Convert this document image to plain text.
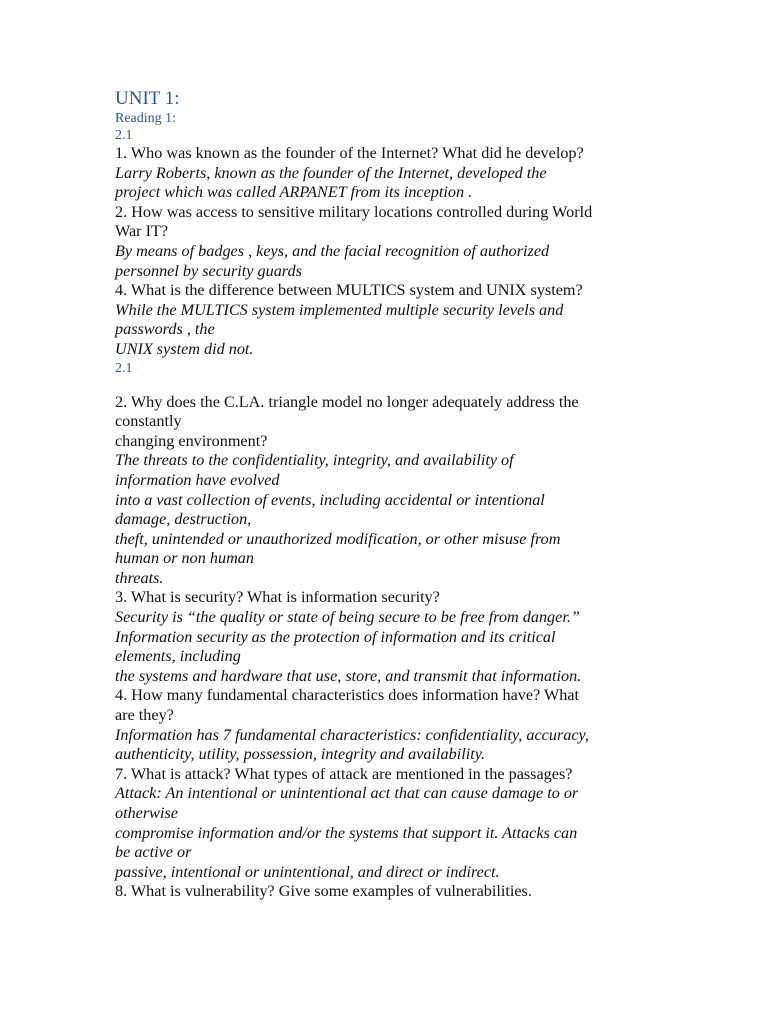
UNIT 1:
Reading 1:
2.1
1. Who was known as the founder of the Internet? What did he develop?
Larry Roberts, known as the founder of the Internet, developed the
project which was called ARPANET from its inception .
2. How was access to sensitive military locations controlled during World
War IT?
By means of badges , keys, and the facial recognition of authorized
personnel by security guards
4. What is the difference between MULTICS system and UNIX system?
While the MULTICS system implemented multiple security levels and
passwords , the
UNIX system did not.
2.1
2. Why does the C.LA. triangle model no longer adequately address the
constantly
changing environment?
The threats to the confidentiality, integrity, and availability of
information have evolved
into a vast collection of events, including accidental or intentional
damage, destruction,
theft, unintended or unauthorized modification, or other misuse from
human or non human
threats.
3. What is security? What is information security?
Security is “the quality or state of being secure to be free from danger.”
Information security as the protection of information and its critical
elements, including
the systems and hardware that use, store, and transmit that information.
4. How many fundamental characteristics does information have? What
are they?
Information has 7 fundamental characteristics: confidentiality, accuracy,
authenticity, utility, possession, integrity and availability.
7. What is attack? What types of attack are mentioned in the passages?
Attack: An intentional or unintentional act that can cause damage to or
otherwise
compromise information and/or the systems that support it. Attacks can
be active or
passive, intentional or unintentional, and direct or indirect.
8. What is vulnerability? Give some examples of vulnerabilities.
